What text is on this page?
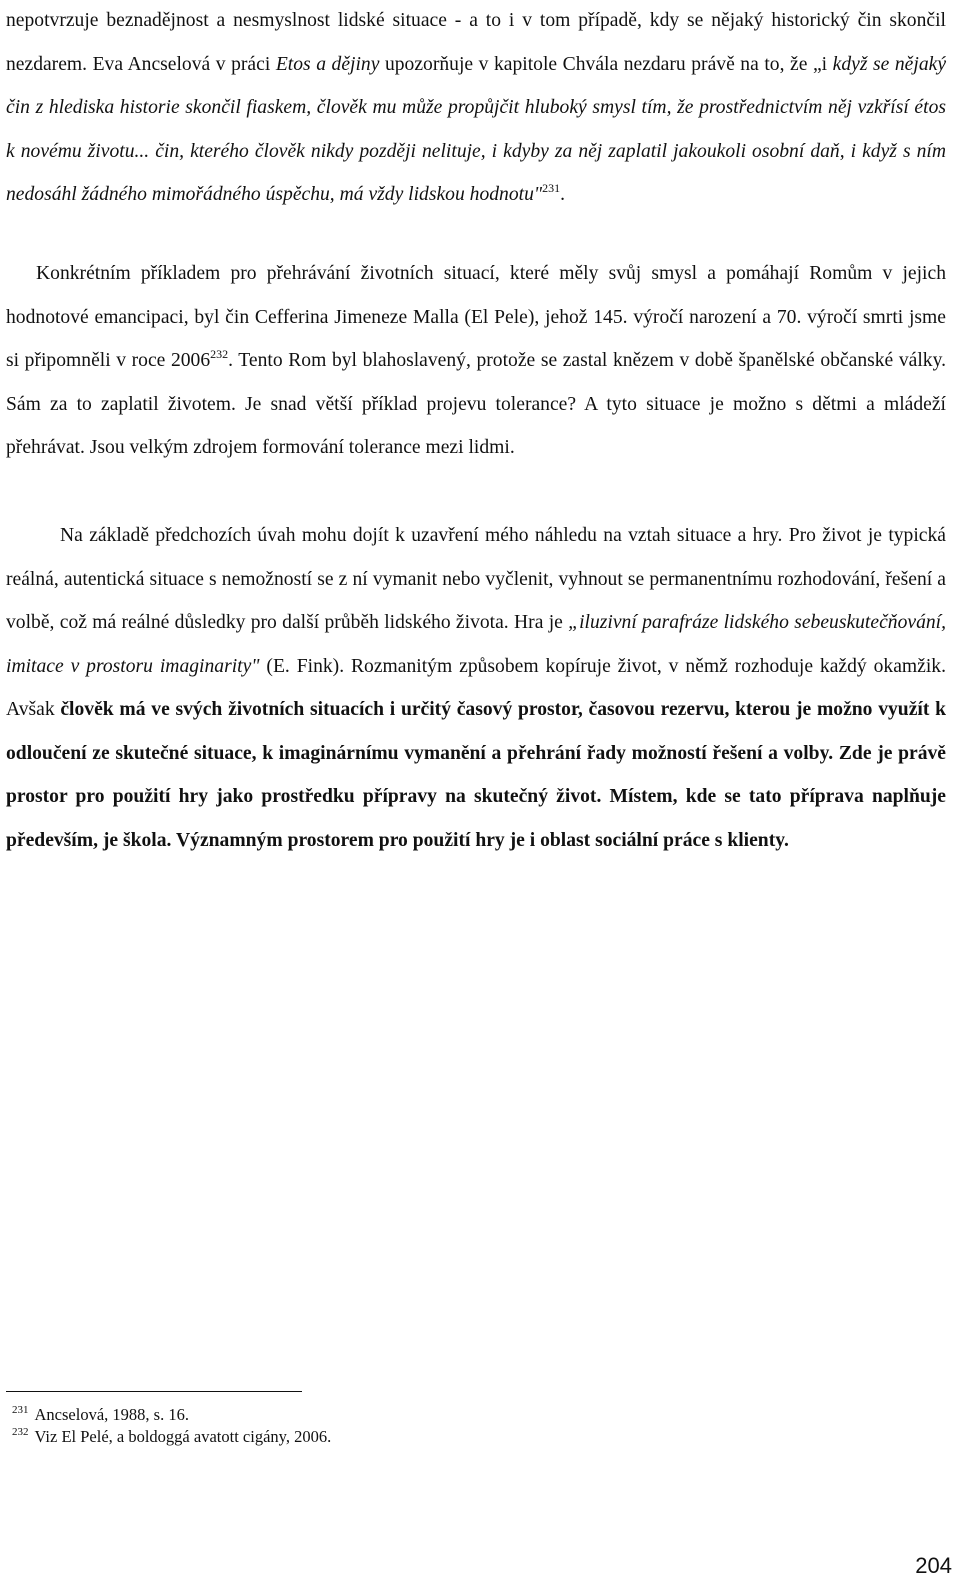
nepotvrzuje beznadějnost a nesmyslnost lidské situace - a to i v tom případě, kdy se nějaký historický čin skončil nezdarem. Eva Ancselová v práci Etos a dějiny upozorňuje v kapitole Chvála nezdaru právě na to, že „i když se nějaký čin z hlediska historie skončil fiaskem, člověk mu může propůjčit hluboký smysl tím, že prostřednictvím něj vzkřísí étos k novému životu... čin, kterého člověk nikdy později nelituje, i kdyby za něj zaplatil jakoukoli osobní daň, i když s ním nedosáhl žádného mimořádného úspěchu, má vždy lidskou hodnotu"$^{231}$.

Konkrétním příkladem pro přehrávání životních situací, které měly svůj smysl a pomáhají Romům v jejich hodnotové emancipaci, byl čin Cefferina Jimeneze Malla (El Pele), jehož 145. výročí narození a 70. výročí smrti jsme si připomněli v roce 2006$^{232}$. Tento Rom byl blahoslavený, protože se zastal knězem v době španělské občanské války. Sám za to zaplatil životem. Je snad větší příklad projevu tolerance? A tyto situace je možno s dětmi a mládeží přehrávat. Jsou velkým zdrojem formování tolerance mezi lidmi.

Na základě předchozích úvah mohu dojít k uzavření mého náhledu na vztah situace a hry. Pro život je typická reálná, autentická situace s nemožností se z ní vymanit nebo vyčlenit, vyhnout se permanentnímu rozhodování, řešení a volbě, což má reálné důsledky pro další průběh lidského života. Hra je „iluzivní parafráze lidského sebeuskutečňování, imitace v prostoru imaginarity" (E. Fink). Rozmanitým způsobem kopíruje život, v němž rozhoduje každý okamžik. Avšak člověk má ve svých životních situacích i určitý časový prostor, časovou rezervu, kterou je možno využít k odloučení ze skutečné situace, k imaginárnímu vymanění a přehrání řady možností řešení a volby. Zde je právě prostor pro použití hry jako prostředku přípravy na skutečný život. Místem, kde se tato příprava naplňuje především, je škola. Významným prostorem pro použití hry je i oblast sociální práce s klienty.

$^{231}$ Ancselová, 1988, s. 16.

$^{232}$ Viz El Pelé, a boldoggá avatott cigány, 2006.

204
